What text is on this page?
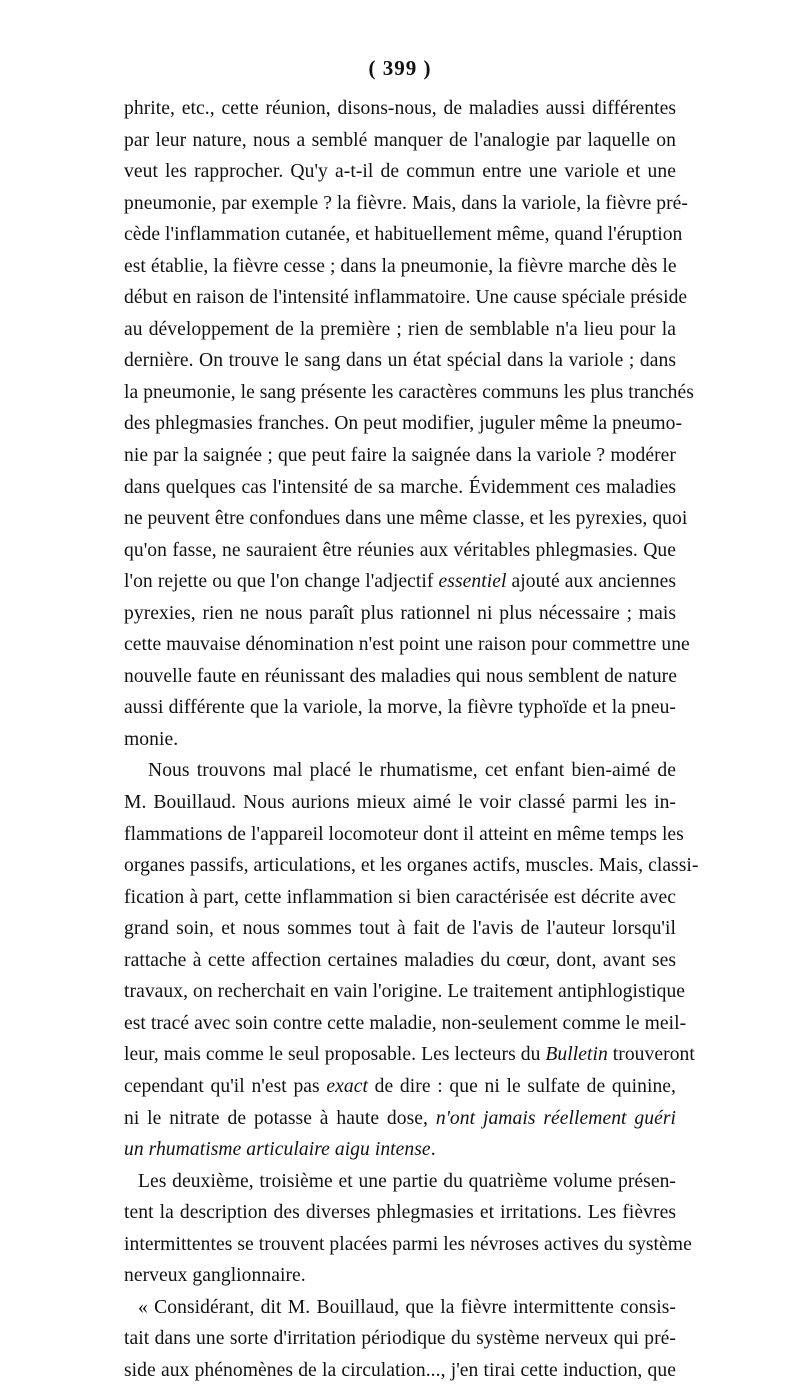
( 399 )
phrite, etc., cette réunion, disons-nous, de maladies aussi différentes
par leur nature, nous a semblé manquer de l'analogie par laquelle on
veut les rapprocher. Qu'y a-t-il de commun entre une variole et une
pneumonie, par exemple ? la fièvre. Mais, dans la variole, la fièvre pré-
cède l'inflammation cutanée, et habituellement même, quand l'éruption
est établie, la fièvre cesse ; dans la pneumonie, la fièvre marche dès le
début en raison de l'intensité inflammatoire. Une cause spéciale préside
au développement de la première ; rien de semblable n'a lieu pour la
dernière. On trouve le sang dans un état spécial dans la variole ; dans
la pneumonie, le sang présente les caractères communs les plus tranchés
des phlegmasies franches. On peut modifier, juguler même la pneumo-
nie par la saignée ; que peut faire la saignée dans la variole ? modérer
dans quelques cas l'intensité de sa marche. Évidemment ces maladies
ne peuvent être confondues dans une même classe, et les pyrexies, quoi
qu'on fasse, ne sauraient être réunies aux véritables phlegmasies. Que
l'on rejette ou que l'on change l'adjectif essentiel ajouté aux anciennes
pyrexies, rien ne nous paraît plus rationnel ni plus nécessaire ; mais
cette mauvaise dénomination n'est point une raison pour commettre une
nouvelle faute en réunissant des maladies qui nous semblent de nature
aussi différente que la variole, la morve, la fièvre typhoïde et la pneu-
monie.
Nous trouvons mal placé le rhumatisme, cet enfant bien-aimé de
M. Bouillaud. Nous aurions mieux aimé le voir classé parmi les in-
flammations de l'appareil locomoteur dont il atteint en même temps les
organes passifs, articulations, et les organes actifs, muscles. Mais, classi-
fication à part, cette inflammation si bien caractérisée est décrite avec
grand soin, et nous sommes tout à fait de l'avis de l'auteur lorsqu'il
rattache à cette affection certaines maladies du cœur, dont, avant ses
travaux, on recherchait en vain l'origine. Le traitement antiphlogistique
est tracé avec soin contre cette maladie, non-seulement comme le meil-
leur, mais comme le seul proposable. Les lecteurs du Bulletin trouveront
cependant qu'il n'est pas exact de dire : que ni le sulfate de quinine,
ni le nitrate de potasse à haute dose, n'ont jamais réellement guéri
un rhumatisme articulaire aigu intense.
Les deuxième, troisième et une partie du quatrième volume présen-
tent la description des diverses phlegmasies et irritations. Les fièvres
intermittentes se trouvent placées parmi les névroses actives du système
nerveux ganglionnaire.
« Considérant, dit M. Bouillaud, que la fièvre intermittente consis-
tait dans une sorte d'irritation périodique du système nerveux qui pré-
side aux phénomènes de la circulation..., j'en tirai cette induction, que
